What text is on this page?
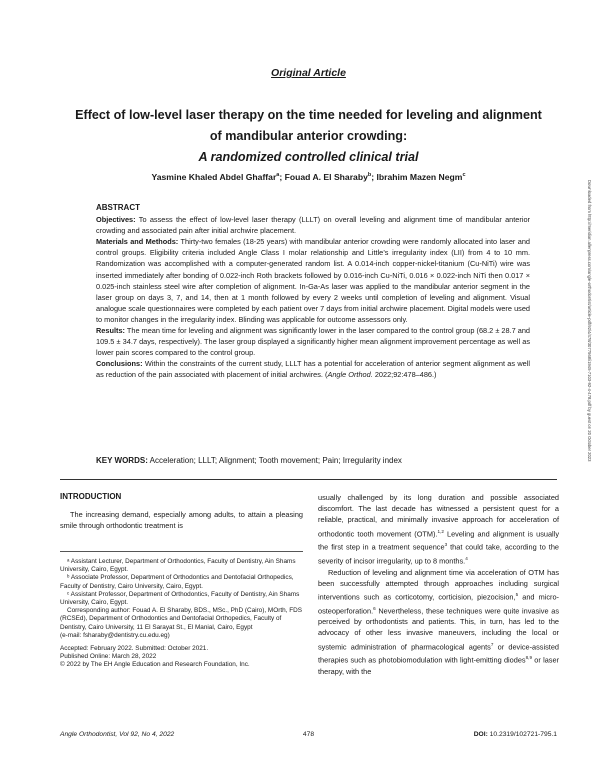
Original Article
Effect of low-level laser therapy on the time needed for leveling and alignment of mandibular anterior crowding:
A randomized controlled clinical trial
Yasmine Khaled Abdel Ghaffar$^a$; Fouad A. El Sharaby$^b$; Ibrahim Mazen Negm$^c$
ABSTRACT

Objectives: To assess the effect of low-level laser therapy (LLLT) on overall leveling and alignment time of mandibular anterior crowding and associated pain after initial archwire placement.

Materials and Methods: Thirty-two females (18-25 years) with mandibular anterior crowding were randomly allocated into laser and control groups. Eligibility criteria included Angle Class I molar relationship and Little’s irregularity index (LII) from 4 to 10 mm. Randomization was accomplished with a computer-generated random list. A 0.014-inch copper-nickel-titanium (Cu-NiTi) wire was inserted immediately after bonding of 0.022-inch Roth brackets followed by 0.016-inch Cu-NiTi, 0.016 × 0.022-inch NiTi then 0.017 × 0.025-inch stainless steel wire after completion of alignment. In-Ga-As laser was applied to the mandibular anterior segment in the laser group on days 3, 7, and 14, then at 1 month followed by every 2 weeks until completion of leveling and alignment. Visual analogue scale questionnaires were completed by each patient over 7 days from initial archwire placement. Digital models were used to monitor changes in the irregularity index. Blinding was applicable for outcome assessors only.

Results: The mean time for leveling and alignment was significantly lower in the laser compared to the control group (68.2 ± 28.7 and 109.5 ± 34.7 days, respectively). The laser group displayed a significantly higher mean alignment improvement percentage as well as lower pain scores compared to the control group.

Conclusions: Within the constraints of the current study, LLLT has a potential for acceleration of anterior segment alignment as well as reduction of the pain associated with placement of initial archwires. (Angle Orthod. 2022;92:478–486.)

KEY WORDS: Acceleration; LLLT; Alignment; Tooth movement; Pain; Irregularity index
INTRODUCTION

The increasing demand, especially among adults, to attain a pleasing smile through orthodontic treatment is

ᵃ Assistant Lecturer, Department of Orthodontics, Faculty of Dentistry, Ain Shams University, Cairo, Egypt.

ᵇ Associate Professor, Department of Orthodontics and Dentofacial Orthopedics, Faculty of Dentistry, Cairo University, Cairo, Egypt.

ᶜ Assistant Professor, Department of Orthodontics, Faculty of Dentistry, Ain Shams University, Cairo, Egypt.

Corresponding author: Fouad A. El Sharaby, BDS., MSc., PhD (Cairo), MOrth, FDS (RCSEd), Department of Orthodontics and Dentofacial Orthopedics, Faculty of Dentistry, Cairo University, 11 El Sarayat St., El Manial, Cairo, Egypt

(e-mail: fsharaby@dentistry.cu.edu.eg)

Accepted: February 2022. Submitted: October 2021.

Published Online: March 28, 2022

© 2022 by The EH Angle Education and Research Foundation, Inc.

usually challenged by its long duration and possible associated discomfort. The last decade has witnessed a persistent quest for a reliable, practical, and minimally invasive approach for acceleration of orthodontic tooth movement (OTM).$^{1,2}$ Leveling and alignment is usually the first step in a treatment sequence$^3$ that could take, according to the severity of incisor irregularity, up to 8 months.$^4$

Reduction of leveling and alignment time via acceleration of OTM has been successfully attempted through approaches including surgical interventions such as corticotomy, corticision, piezocision,$^5$ and micro-osteoperforation.$^6$ Nevertheless, these techniques were quite invasive as perceived by orthodontists and patients. This, in turn, has led to the advocacy of other less invasive maneuvers, including the local or systemic administration of pharmacological agents$^7$ or device-assisted therapies such as photobiomodulation with light-emitting diodes$^{8,9}$ or laser therapy, with the

Angle Orthodontist, Vol 92, No 4, 2022	478	DOI: 10.2319/102721-795.1
Downloaded from http://meridian.allenpress.com/angle-orthodontist/article-pdf/92/4/478/3077568/i1945-7103-92-4-478.pdf by guest on 20 October 2023
